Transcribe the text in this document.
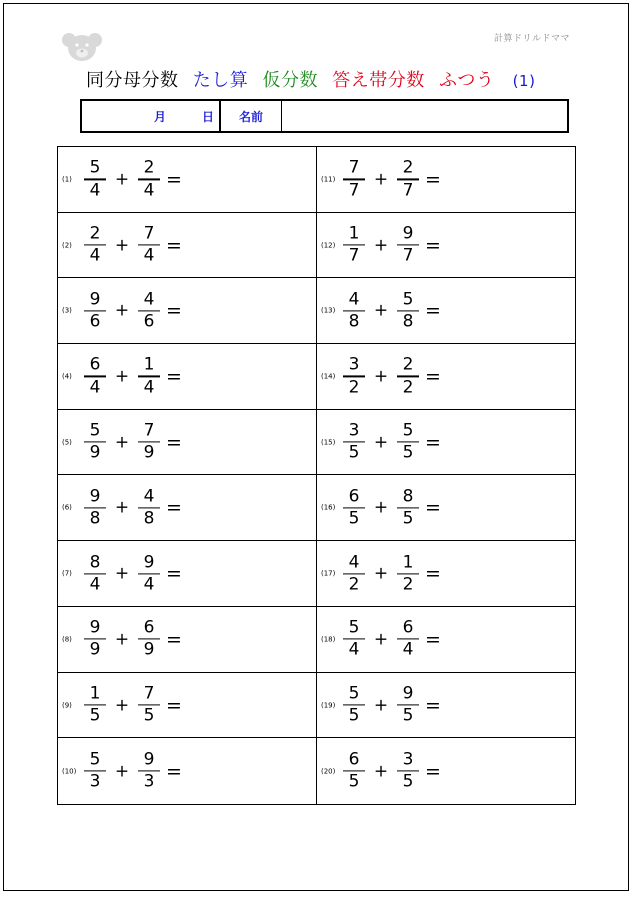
計算ドリルドママ
同分母分数 たし算 仮分数 答え帯分数 ふつう (1)
月	日	名前
$(1) \frac{5}{4} + \frac{2}{4}$ =	$(11) \frac{7}{7} + \frac{2}{7}$ =
$(2) \frac{2}{4} + \frac{7}{4}$ =	$(12) \frac{1}{7} + \frac{9}{7}$ =
$(3) \frac{9}{6} + \frac{4}{6}$ =	$(13) \frac{4}{8} + \frac{5}{8}$ =
$(4) \frac{6}{4} + \frac{1}{4}$ =	$(14) \frac{3}{2} + \frac{2}{2}$ =
$(5) \frac{5}{9} + \frac{7}{9}$ =	$(15) \frac{3}{5} + \frac{5}{5}$ =
$(6) \frac{9}{8} + \frac{4}{8}$ =	$(16) \frac{6}{5} + \frac{8}{5}$ =
$(7) \frac{8}{4} + \frac{9}{4}$ =	$(17) \frac{4}{2} + \frac{1}{2}$ =
$(8) \frac{9}{9} + \frac{6}{9}$ =	$(18) \frac{5}{4} + \frac{6}{4}$ =
$(9) \frac{1}{5} + \frac{7}{5}$ =	$(19) \frac{5}{5} + \frac{9}{5}$ =
$(10) \frac{5}{3} + \frac{9}{3}$ =	$(20) \frac{6}{5} + \frac{3}{5}$ =
